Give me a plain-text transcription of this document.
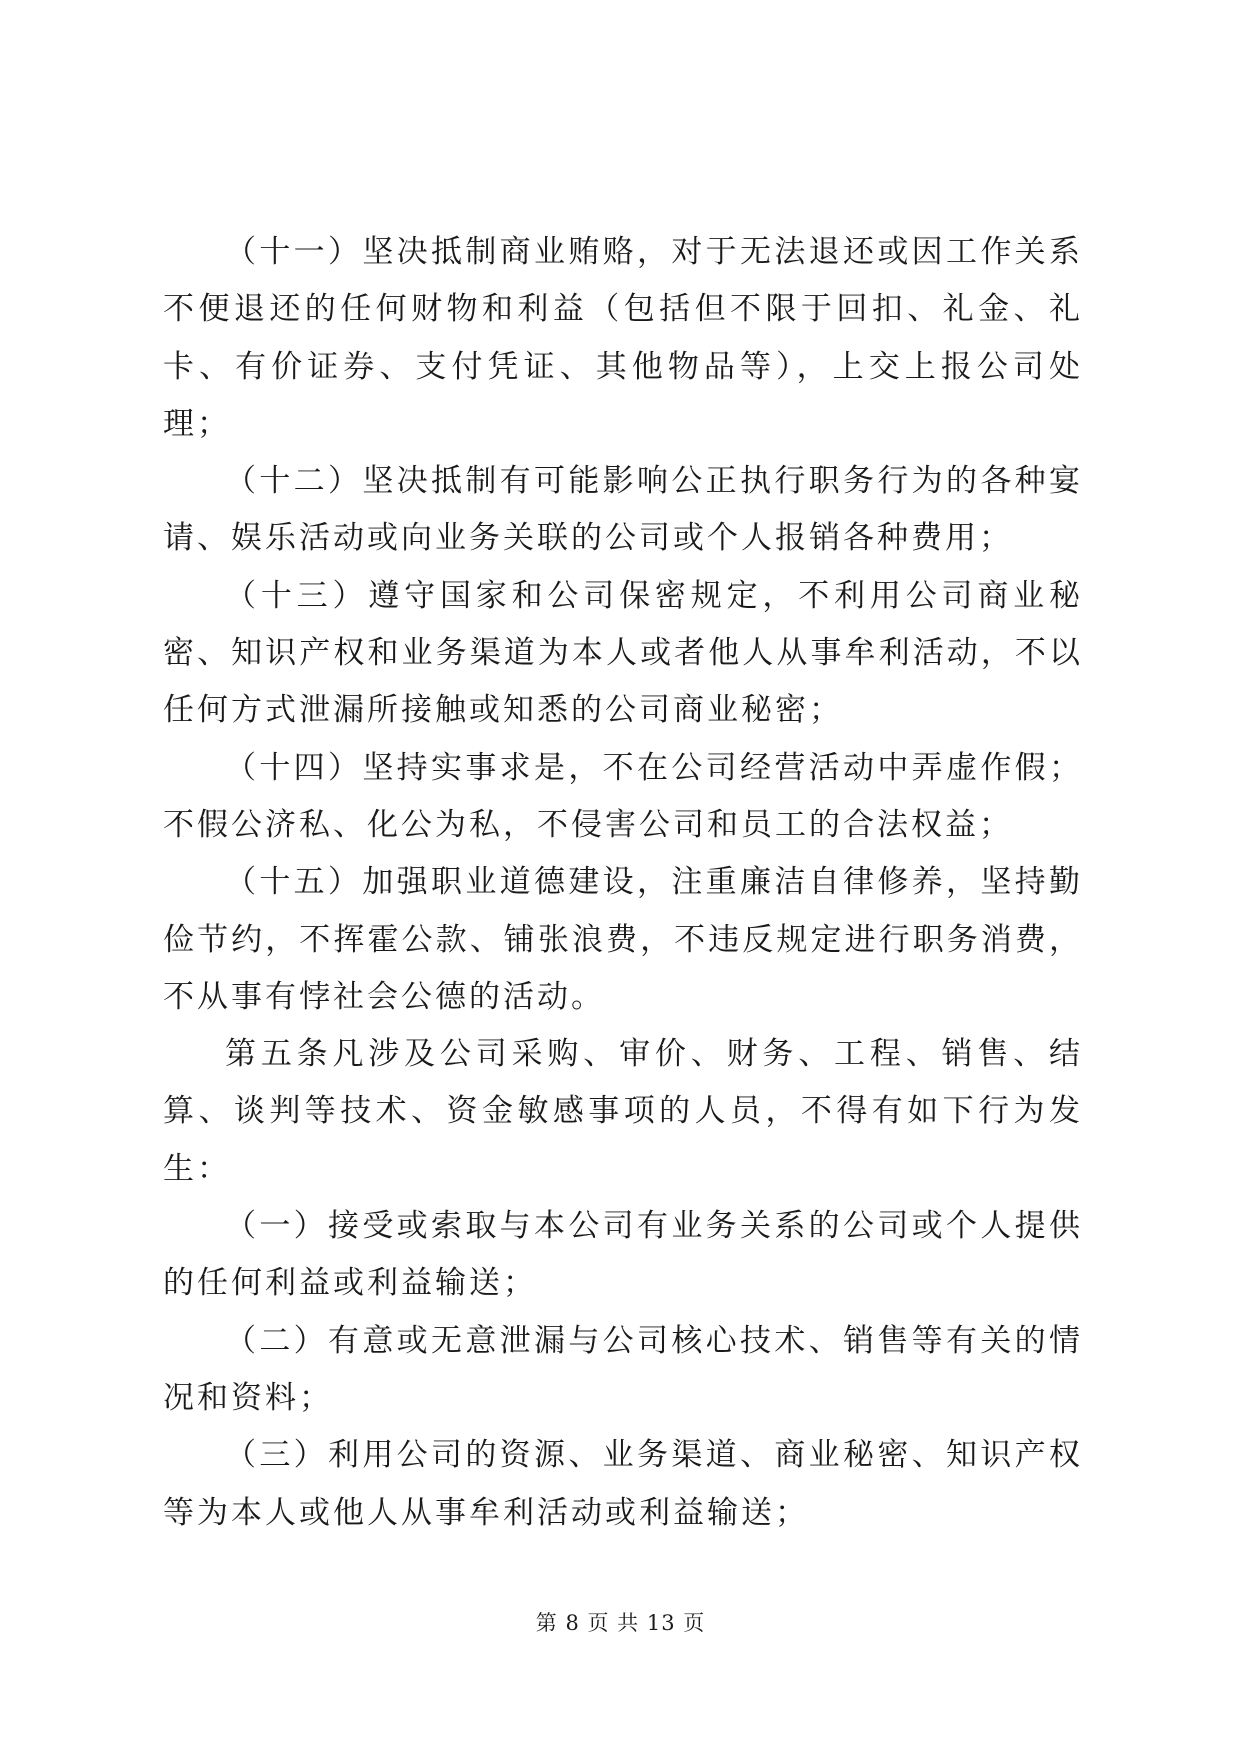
（十一）坚决抵制商业贿赂，对于无法退还或因工作关系不便退还的任何财物和利益（包括但不限于回扣、礼金、礼卡、有价证券、支付凭证、其他物品等），上交上报公司处理；

（十二）坚决抵制有可能影响公正执行职务行为的各种宴请、娱乐活动或向业务关联的公司或个人报销各种费用；

（十三）遵守国家和公司保密规定，不利用公司商业秘密、知识产权和业务渠道为本人或者他人从事牟利活动，不以任何方式泄漏所接触或知悉的公司商业秘密；

（十四）坚持实事求是，不在公司经营活动中弄虚作假；不假公济私、化公为私，不侵害公司和员工的合法权益；

（十五）加强职业道德建设，注重廉洁自律修养，坚持勤俭节约，不挥霍公款、铺张浪费，不违反规定进行职务消费，不从事有悖社会公德的活动。

第五条凡涉及公司采购、审价、财务、工程、销售、结算、谈判等技术、资金敏感事项的人员，不得有如下行为发生：

（一）接受或索取与本公司有业务关系的公司或个人提供的任何利益或利益输送；

（二）有意或无意泄漏与公司核心技术、销售等有关的情况和资料；

（三）利用公司的资源、业务渠道、商业秘密、知识产权等为本人或他人从事牟利活动或利益输送；

第 8 页 共 13 页
